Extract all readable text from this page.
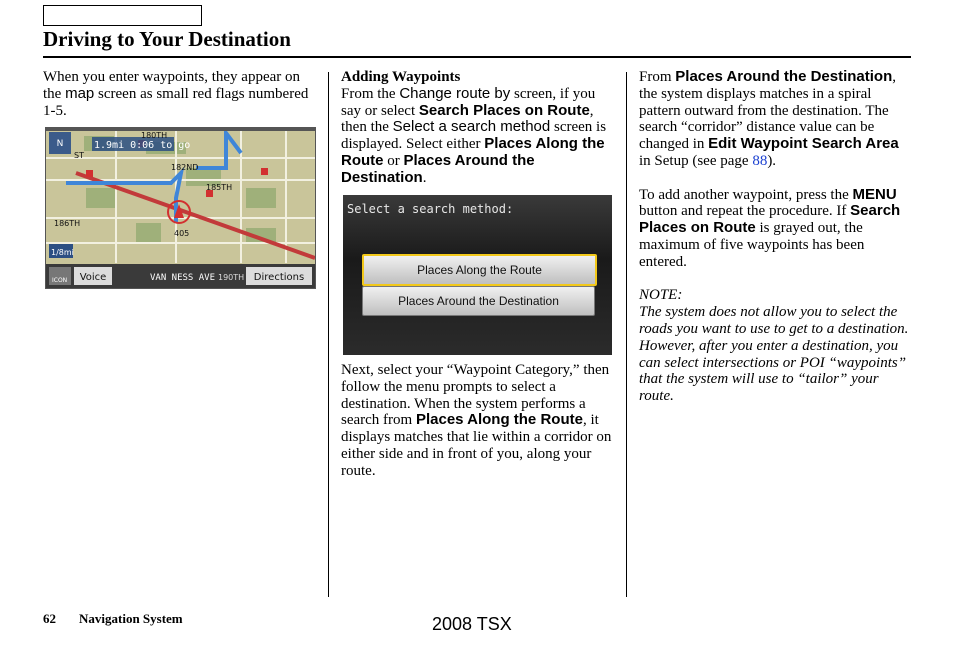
Driving to Your Destination

When you enter waypoints, they appear on the map screen as small red flags numbered 1-5.

N	1.9mi 0:06 to go
180TH
182ND
185TH
186TH
ST
405
1/8mi
ICON Voice	VAN NESS AVE 190TH Directions

Adding Waypoints

From the Change route by screen, if you say or select Search Places on Route, then the Select a search method screen is displayed. Select either Places Along the Route or Places Around the Destination.

Select a search method:
Places Along the Route
Places Around the Destination

Next, select your “Waypoint Category,” then follow the menu prompts to select a destination. When the system performs a search from Places Along the Route, it displays matches that lie within a corridor on either side and in front of you, along your route.

From Places Around the Destination, the system displays matches in a spiral pattern outward from the destination. The search “corridor” distance value can be changed in Edit Waypoint Search Area in Setup (see page 88).

To add another waypoint, press the MENU button and repeat the procedure. If Search Places on Route is grayed out, the maximum of five waypoints has been entered.

NOTE:

The system does not allow you to select the roads you want to use to get to a destination. However, after you enter a destination, you can select intersections or POI “waypoints” that the system will use to “tailor” your route.

62 Navigation System	2008 TSX
